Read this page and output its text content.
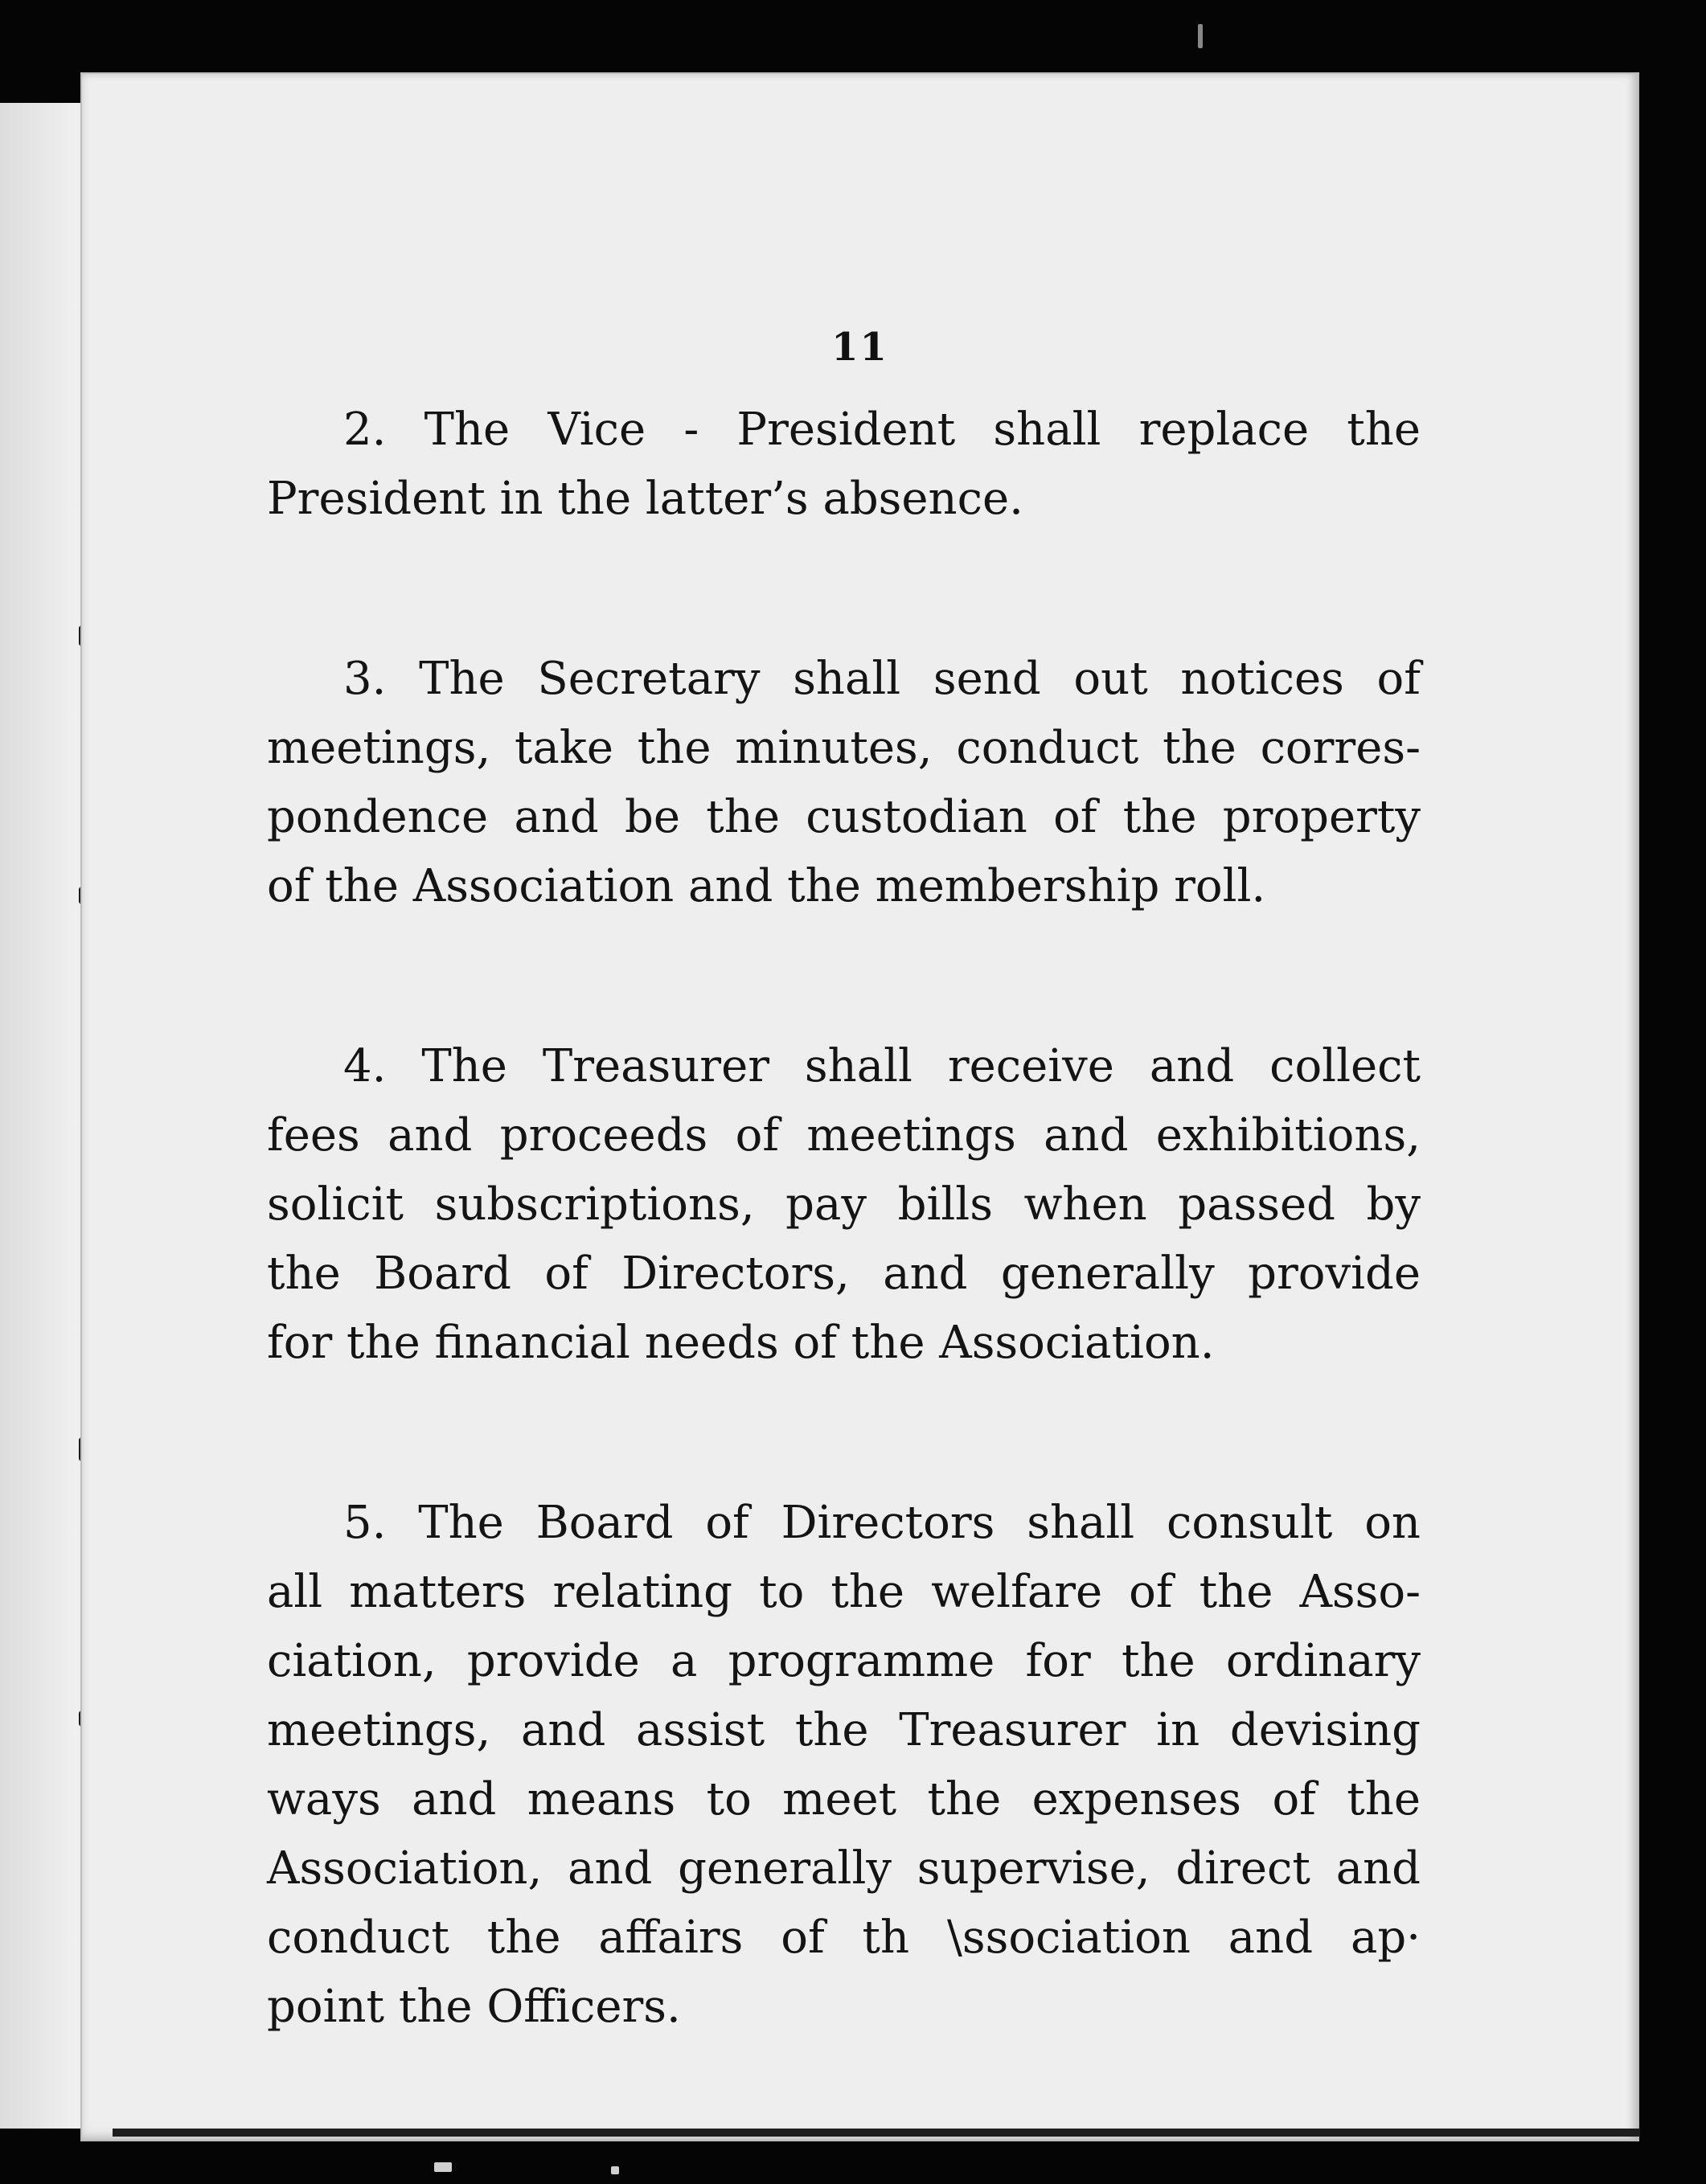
11

2. The Vice - President shall replace the
President in the latter’s absence.

3. The Secretary shall send out notices of
meetings, take the minutes, conduct the corres-
pondence and be the custodian of the property
of the Association and the membership roll.

4. The Treasurer shall receive and collect
fees and proceeds of meetings and exhibitions,
solicit subscriptions, pay bills when passed by
the Board of Directors, and generally provide
for the financial needs of the Association.

5. The Board of Directors shall consult on
all matters relating to the welfare of the Asso-
ciation, provide a programme for the ordinary
meetings, and assist the Treasurer in devising
ways and means to meet the expenses of the
Association, and generally supervise, direct and
conduct the affairs of th \ssociation and ap·
point the Officers.
